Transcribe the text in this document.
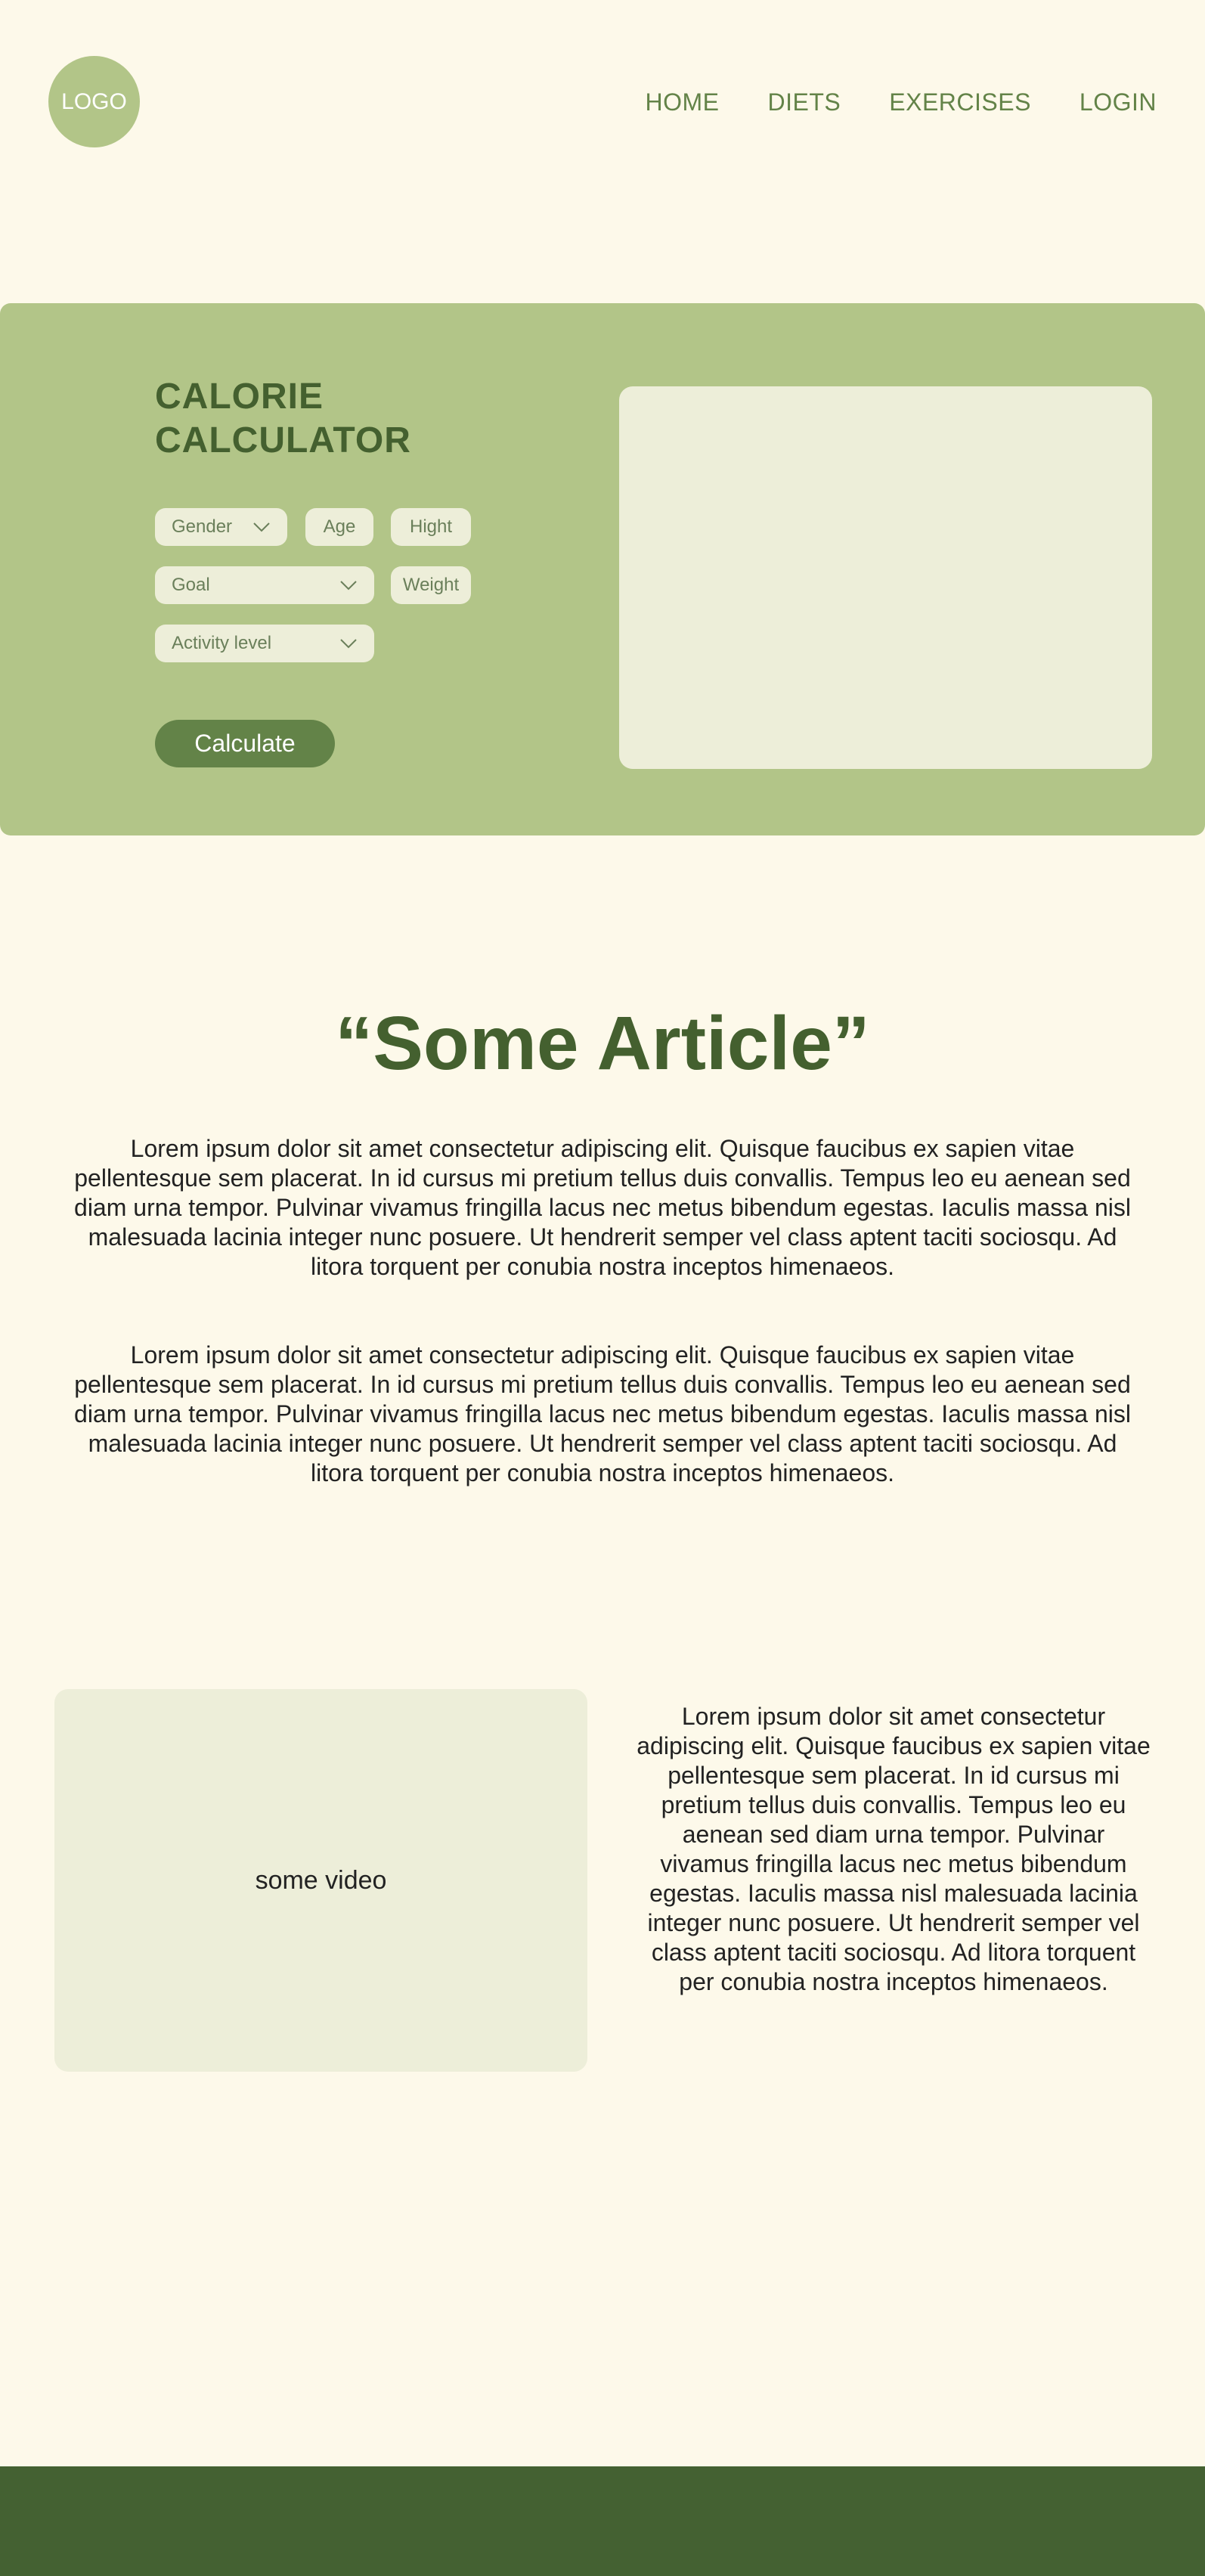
LOGO	HOME DIETS EXERCISES LOGIN
CALORIE
CALCULATOR
Gender	Age	Hight
Goal	Weight
Activity level
Calculate
“Some Article”

Lorem ipsum dolor sit amet consectetur adipiscing elit. Quisque faucibus ex sapien vitae pellentesque sem placerat. In id cursus mi pretium tellus duis convallis. Tempus leo eu aenean sed diam urna tempor. Pulvinar vivamus fringilla lacus nec metus bibendum egestas. Iaculis massa nisl malesuada lacinia integer nunc posuere. Ut hendrerit semper vel class aptent taciti sociosqu. Ad litora torquent per conubia nostra inceptos himenaeos.

Lorem ipsum dolor sit amet consectetur adipiscing elit. Quisque faucibus ex sapien vitae pellentesque sem placerat. In id cursus mi pretium tellus duis convallis. Tempus leo eu aenean sed diam urna tempor. Pulvinar vivamus fringilla lacus nec metus bibendum egestas. Iaculis massa nisl malesuada lacinia integer nunc posuere. Ut hendrerit semper vel class aptent taciti sociosqu. Ad litora torquent per conubia nostra inceptos himenaeos.

some video

Lorem ipsum dolor sit amet consectetur adipiscing elit. Quisque faucibus ex sapien vitae pellentesque sem placerat. In id cursus mi pretium tellus duis convallis. Tempus leo eu aenean sed diam urna tempor. Pulvinar vivamus fringilla lacus nec metus bibendum egestas. Iaculis massa nisl malesuada lacinia integer nunc posuere. Ut hendrerit semper vel class aptent taciti sociosqu. Ad litora torquent per conubia nostra inceptos himenaeos.
